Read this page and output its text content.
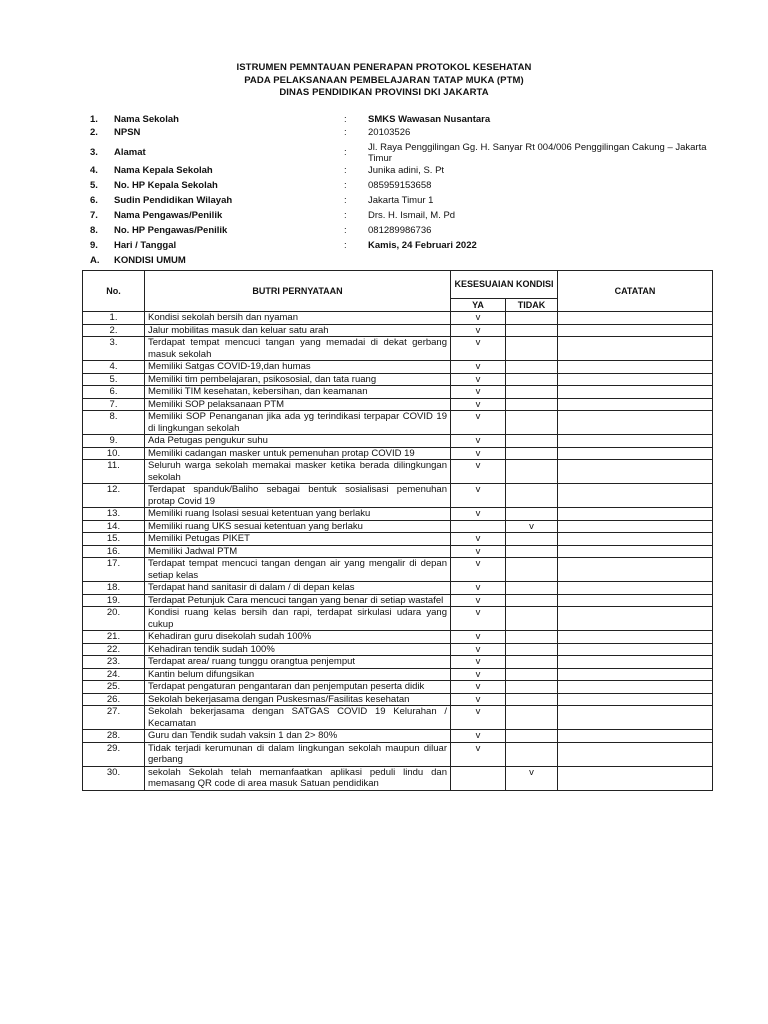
ISTRUMEN PEMNTAUAN PENERAPAN PROTOKOL KESEHATAN
PADA PELAKSANAAN PEMBELAJARAN TATAP MUKA (PTM)
DINAS PENDIDIKAN PROVINSI DKI JAKARTA
1.	Nama Sekolah	:	SMKS Wawasan Nusantara
2.	NPSN	:	20103526
3.	Alamat	:	Jl. Raya Penggilingan Gg. H. Sanyar Rt 004/006 Penggilingan Cakung – Jakarta Timur
4.	Nama Kepala Sekolah	:	Junika adini, S. Pt
5.	No. HP Kepala Sekolah	:	085959153658
6.	Sudin Pendidikan Wilayah	:	Jakarta Timur 1
7.	Nama Pengawas/Penilik	:	Drs. H. Ismail, M. Pd
8.	No. HP Pengawas/Penilik	:	081289986736
9.	Hari / Tanggal	:	Kamis, 24 Februari 2022
A.	KONDISI UMUM
No.	BUTRI PERNYATAAN	KESESUAIAN KONDISI		CATATAN
		YA	TIDAK	
1.	Kondisi sekolah bersih dan nyaman	v		
2.	Jalur mobilitas masuk dan keluar satu arah	v		
3.	Terdapat tempat mencuci tangan yang memadai di dekat gerbang masuk sekolah	v		
4.	Memiliki Satgas COVID-19,dan humas	v		
5.	Memiliki tim pembelajaran, psikososial, dan tata ruang	v		
6.	Memiliki TIM kesehatan, kebersihan, dan keamanan	v		
7.	Memiliki SOP pelaksanaan PTM	v		
8.	Memiliki SOP Penanganan jika ada yg terindikasi terpapar COVID 19 di lingkungan sekolah	v		
9.	Ada Petugas pengukur suhu	v		
10.	Memiliki cadangan masker untuk pemenuhan protap COVID 19	v		
11.	Seluruh warga sekolah memakai masker ketika berada dilingkungan sekolah	v		
12.	Terdapat spanduk/Baliho sebagai bentuk sosialisasi pemenuhan protap Covid 19	v		
13.	Memiliki ruang Isolasi sesuai ketentuan yang berlaku	v		
14.	Memiliki ruang UKS sesuai ketentuan yang berlaku		v	
15.	Memiliki Petugas PIKET	v		
16.	Memiliki Jadwal PTM	v		
17.	Terdapat tempat mencuci tangan dengan air yang mengalir di depan setiap kelas	v		
18.	Terdapat hand sanitasir di dalam / di depan kelas	v		
19.	Terdapat Petunjuk Cara mencuci tangan yang benar di setiap wastafel	v		
20.	Kondisi ruang kelas bersih dan rapi, terdapat sirkulasi udara yang cukup	v		
21.	Kehadiran guru disekolah sudah 100%	v		
22.	Kehadiran tendik sudah 100%	v		
23.	Terdapat area/ ruang tunggu orangtua penjemput	v		
24.	Kantin belum difungsikan	v		
25.	Terdapat pengaturan pengantaran dan penjemputan peserta didik	v		
26.	Sekolah bekerjasama dengan Puskesmas/Fasilitas kesehatan	v		
27.	Sekolah bekerjasama dengan SATGAS COVID 19 Kelurahan / Kecamatan	v		
28.	Guru dan Tendik sudah vaksin 1 dan 2> 80%	v		
29.	Tidak terjadi kerumunan di dalam lingkungan sekolah maupun diluar gerbang	v		
30.	sekolah Sekolah telah memanfaatkan aplikasi peduli lindu dan memasang QR code di area masuk Satuan pendidikan		v	
